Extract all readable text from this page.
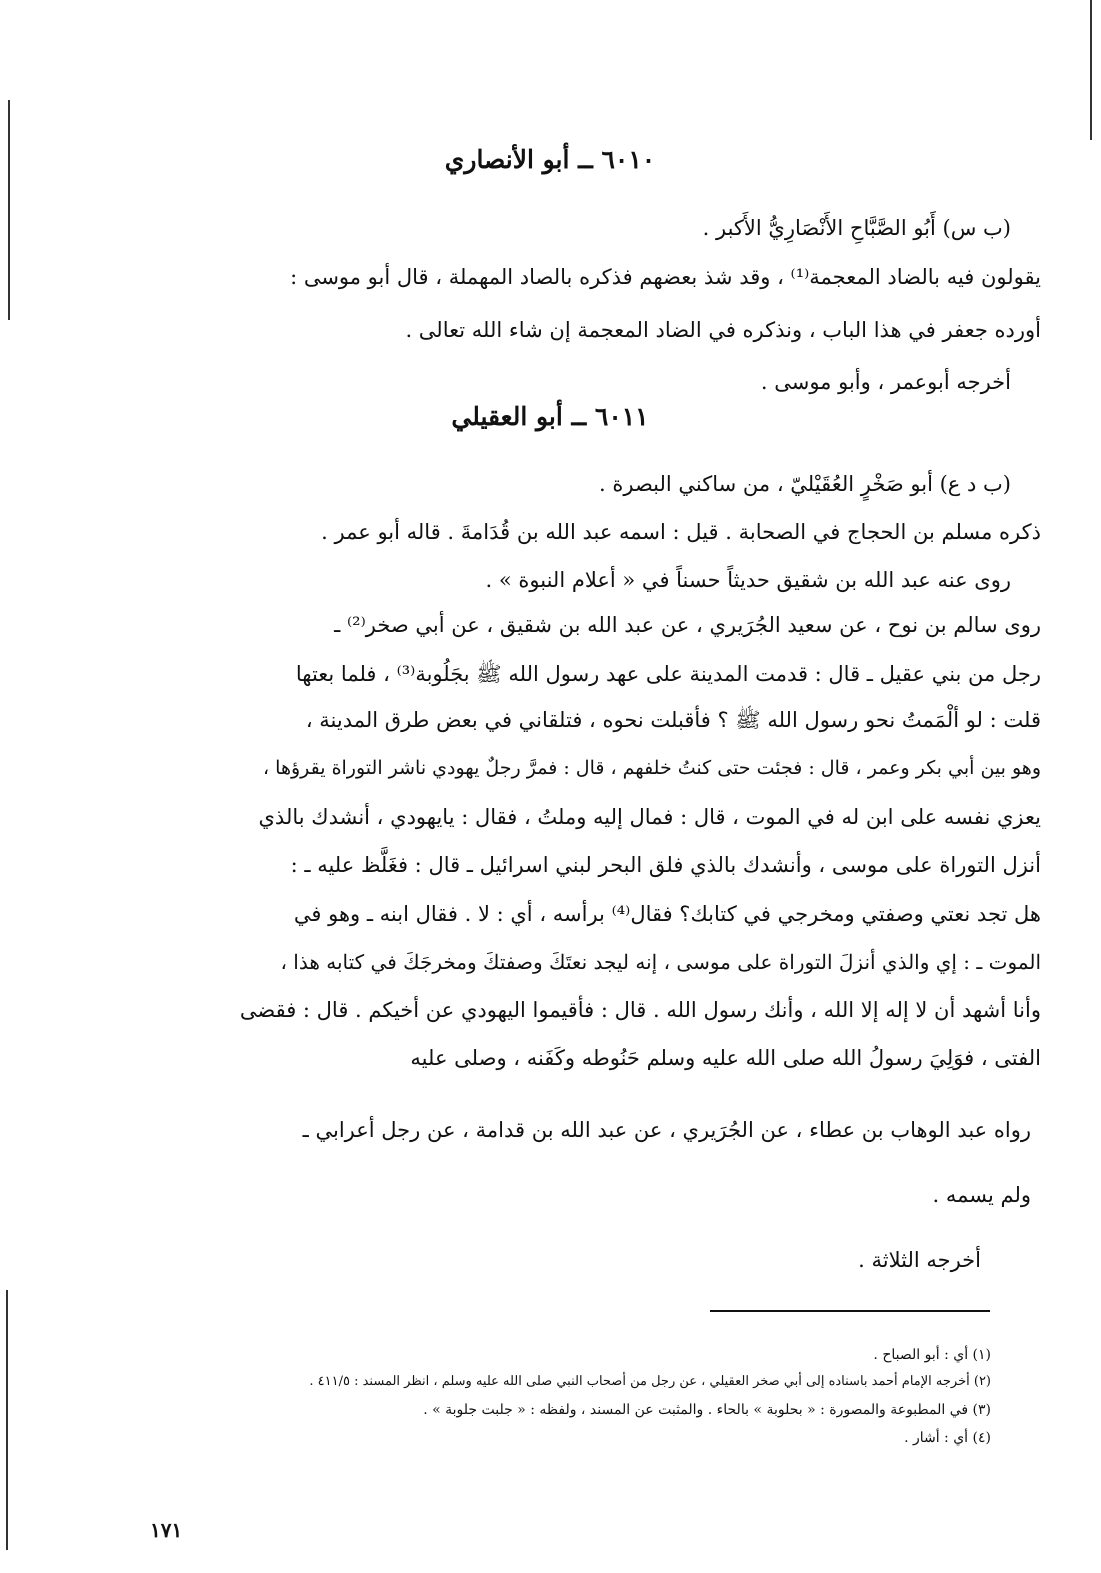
٦٠١٠ ــ أبو الأنصاري
(ب س) أَبُو الصَّبَّاحِ الأَنْصَارِيُّ الأَكبر .
يقولون فيه بالضاد المعجمة⁽¹⁾ ، وقد شذ بعضهم فذكره بالصاد المهملة ، قال أبو موسى :
أورده جعفر في هذا الباب ، ونذكره في الضاد المعجمة إن شاء الله تعالى .
أخرجه أبوعمر ، وأبو موسى .
٦٠١١ ــ أبو العقيلي
(ب د ع) أبو صَخْرٍ العُقَيْليّ ، من ساكني البصرة .
ذكره مسلم بن الحجاج في الصحابة . قيل : اسمه عبد الله بن قُدَامةَ . قاله أبو عمر .
روى عنه عبد الله بن شقيق حديثاً حسناً في « أعلام النبوة » .
روى سالم بن نوح ، عن سعيد الجُرَيري ، عن عبد الله بن شقيق ، عن أبي صخر⁽²⁾ ـ
رجل من بني عقيل ـ قال : قدمت المدينة على عهد رسول الله ﷺ بجَلُوبة⁽³⁾ ، فلما بعتها
قلت : لو ألْمَمتُ نحو رسول الله ﷺ ؟ فأقبلت نحوه ، فتلقاني في بعض طرق المدينة ،
وهو بين أبي بكر وعمر ، قال : فجئت حتى كنتُ خلفهم ، قال : فمرَّ رجلٌ يهودي ناشر التوراة يقرؤها ،
يعزي نفسه على ابن له في الموت ، قال : فمال إليه وملتُ ، فقال : يايهودي ، أنشدك بالذي
أنزل التوراة على موسى ، وأنشدك بالذي فلق البحر لبني اسرائيل ـ قال : فغَلَّظ عليه ـ :
هل تجد نعتي وصفتي ومخرجي في كتابك؟ فقال⁽⁴⁾ برأسه ، أي : لا . فقال ابنه ـ وهو في
الموت ـ : إي والذي أنزلَ التوراة على موسى ، إنه ليجد نعتَكَ وصفتكَ ومخرجَكَ في كتابه هذا ،
وأنا أشهد أن لا إله إلا الله ، وأنك رسول الله . قال : فأقيموا اليهودي عن أخيكم . قال : فقضى
الفتى ، فوَلِيَ رسولُ الله صلى الله عليه وسلم حَنُوطه وكَفَنه ، وصلى عليه
رواه عبد الوهاب بن عطاء ، عن الجُرَيري ، عن عبد الله بن قدامة ، عن رجل أعرابي ـ
ولم يسمه .
أخرجه الثلاثة .
(١) أي : أبو الصباح .
(٢) أخرجه الإمام أحمد باسناده إلى أبي صخر العقيلي ، عن رجل من أصحاب النبي صلى الله عليه وسلم ، انظر المسند : ٤١١/٥ .
(٣) في المطبوعة والمصورة : « بحلوبة » بالحاء . والمثبت عن المسند ، ولفظه : « جلبت جلوبة » .
(٤) أي : أشار .
١٧١
